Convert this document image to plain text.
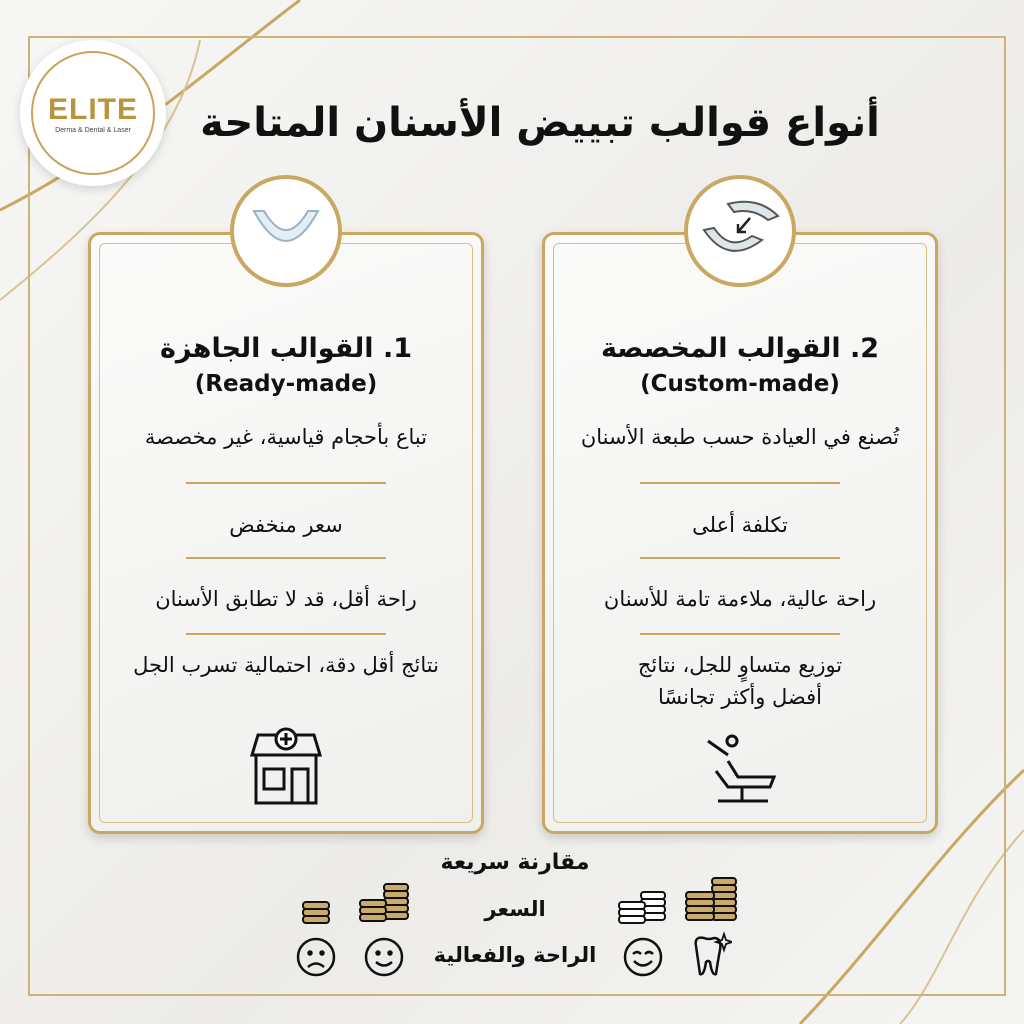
ELITE
Derma & Dental & Laser أنواع قوالب تبييض الأسنان المتاحة
1. القوالب الجاهزة
(Ready-made)
تباع بأحجام قياسية، غير مخصصة
سعر منخفض
راحة أقل، قد لا تطابق الأسنان
نتائج أقل دقة، احتمالية تسرب الجل
2. القوالب المخصصة
(Custom-made)
تُصنع في العيادة حسب طبعة الأسنان
تكلفة أعلى
راحة عالية، ملاءمة تامة للأسنان
توزيع متساوٍ للجل، نتائج أفضل وأكثر تجانسًا
مقارنة سريعة
السعر
الراحة والفعالية
